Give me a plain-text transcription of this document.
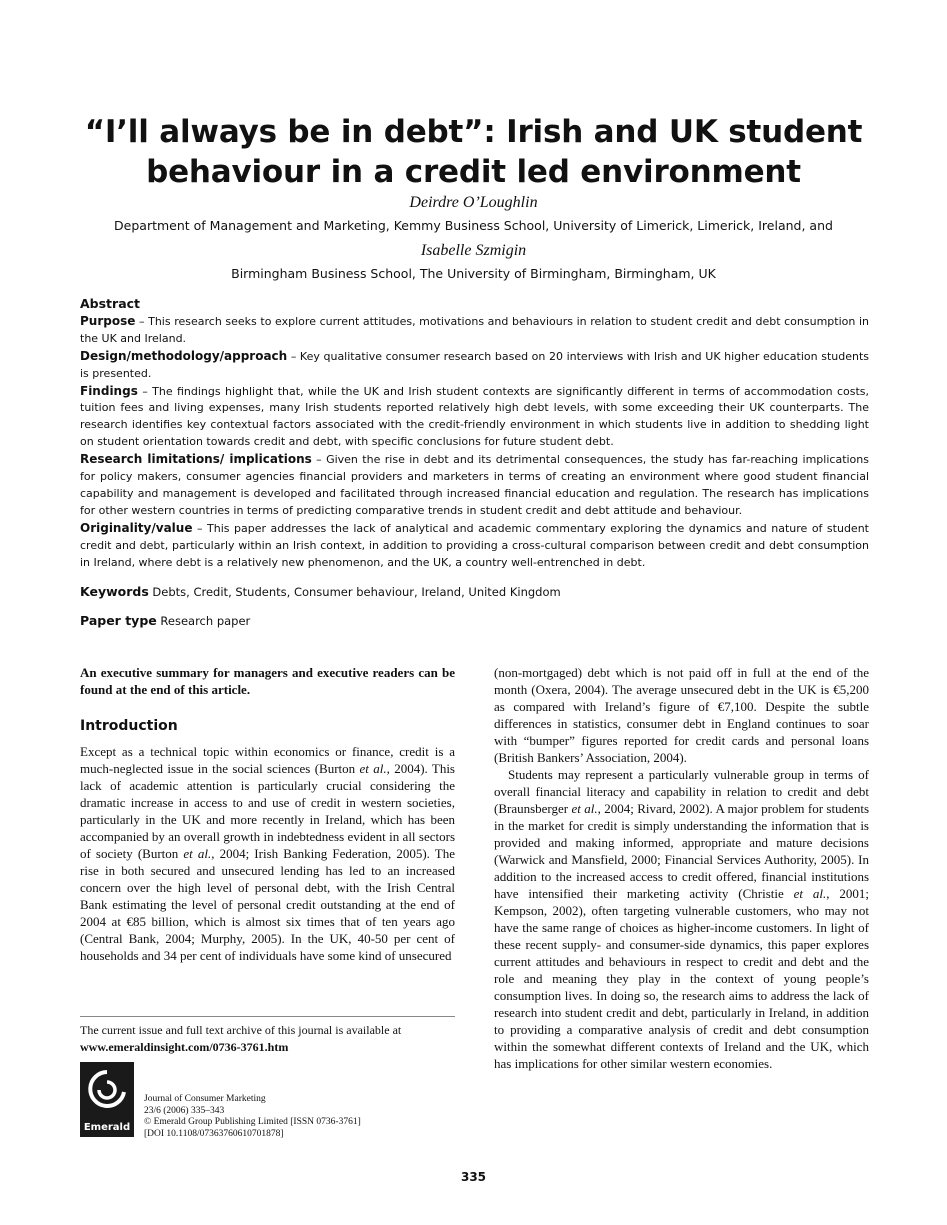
“I’ll always be in debt”: Irish and UK student
behaviour in a credit led environment
Deirdre O’Loughlin
Department of Management and Marketing, Kemmy Business School, University of Limerick, Limerick, Ireland, and
Isabelle Szmigin
Birmingham Business School, The University of Birmingham, Birmingham, UK

Abstract

Purpose – This research seeks to explore current attitudes, motivations and behaviours in relation to student credit and debt consumption in the UK and Ireland.

Design/methodology/approach – Key qualitative consumer research based on 20 interviews with Irish and UK higher education students is presented.

Findings – The findings highlight that, while the UK and Irish student contexts are significantly different in terms of accommodation costs, tuition fees and living expenses, many Irish students reported relatively high debt levels, with some exceeding their UK counterparts. The research identifies key contextual factors associated with the credit-friendly environment in which students live in addition to shedding light on student orientation towards credit and debt, with specific conclusions for future student debt.

Research limitations/ implications – Given the rise in debt and its detrimental consequences, the study has far-reaching implications for policy makers, consumer agencies financial providers and marketers in terms of creating an environment where good student financial capability and management is developed and facilitated through increased financial education and regulation. The research has implications for other western countries in terms of predicting comparative trends in student credit and debt attitude and behaviour.

Originality/value – This paper addresses the lack of analytical and academic commentary exploring the dynamics and nature of student credit and debt, particularly within an Irish context, in addition to providing a cross-cultural comparison between credit and debt consumption in Ireland, where debt is a relatively new phenomenon, and the UK, a country well-entrenched in debt.

Keywords Debts, Credit, Students, Consumer behaviour, Ireland, United Kingdom
Paper type Research paper

An executive summary for managers and executive readers can be found at the end of this article.

Introduction

Except as a technical topic within economics or finance, credit is a much-neglected issue in the social sciences (Burton et al., 2004). This lack of academic attention is particularly crucial considering the dramatic increase in access to and use of credit in western societies, particularly in the UK and more recently in Ireland, which has been accompanied by an overall growth in indebtedness evident in all sectors of society (Burton et al., 2004; Irish Banking Federation, 2005). The rise in both secured and unsecured lending has led to an increased concern over the high level of personal debt, with the Irish Central Bank estimating the level of personal credit outstanding at the end of 2004 at €85 billion, which is almost six times that of ten years ago (Central Bank, 2004; Murphy, 2005). In the UK, 40-50 per cent of households and 34 per cent of individuals have some kind of unsecured

(non-mortgaged) debt which is not paid off in full at the end of the month (Oxera, 2004). The average unsecured debt in the UK is €5,200 as compared with Ireland’s figure of €7,100. Despite the subtle differences in statistics, consumer debt in England continues to soar with “bumper” figures reported for credit cards and personal loans (British Bankers’ Association, 2004).

Students may represent a particularly vulnerable group in terms of overall financial literacy and capability in relation to credit and debt (Braunsberger et al., 2004; Rivard, 2002). A major problem for students in the market for credit is simply understanding the information that is provided and making informed, appropriate and mature decisions (Warwick and Mansfield, 2000; Financial Services Authority, 2005). In addition to the increased access to credit offered, financial institutions have intensified their marketing activity (Christie et al., 2001; Kempson, 2002), often targeting vulnerable customers, who may not have the same range of choices as higher-income customers. In light of these recent supply- and consumer-side dynamics, this paper explores current attitudes and behaviours in respect to credit and debt and the role and meaning they play in the context of young people’s consumption lives. In doing so, the research aims to address the lack of research into student credit and debt, particularly in Ireland, in addition to providing a comparative analysis of credit and debt consumption within the somewhat different contexts of Ireland and the UK, which has implications for other similar western economies.

The current issue and full text archive of this journal is available at
www.emeraldinsight.com/0736-3761.htm
Emerald
Journal of Consumer Marketing
23/6 (2006) 335–343
© Emerald Group Publishing Limited [ISSN 0736-3761]
[DOI 10.1108/07363760610701878]
335
